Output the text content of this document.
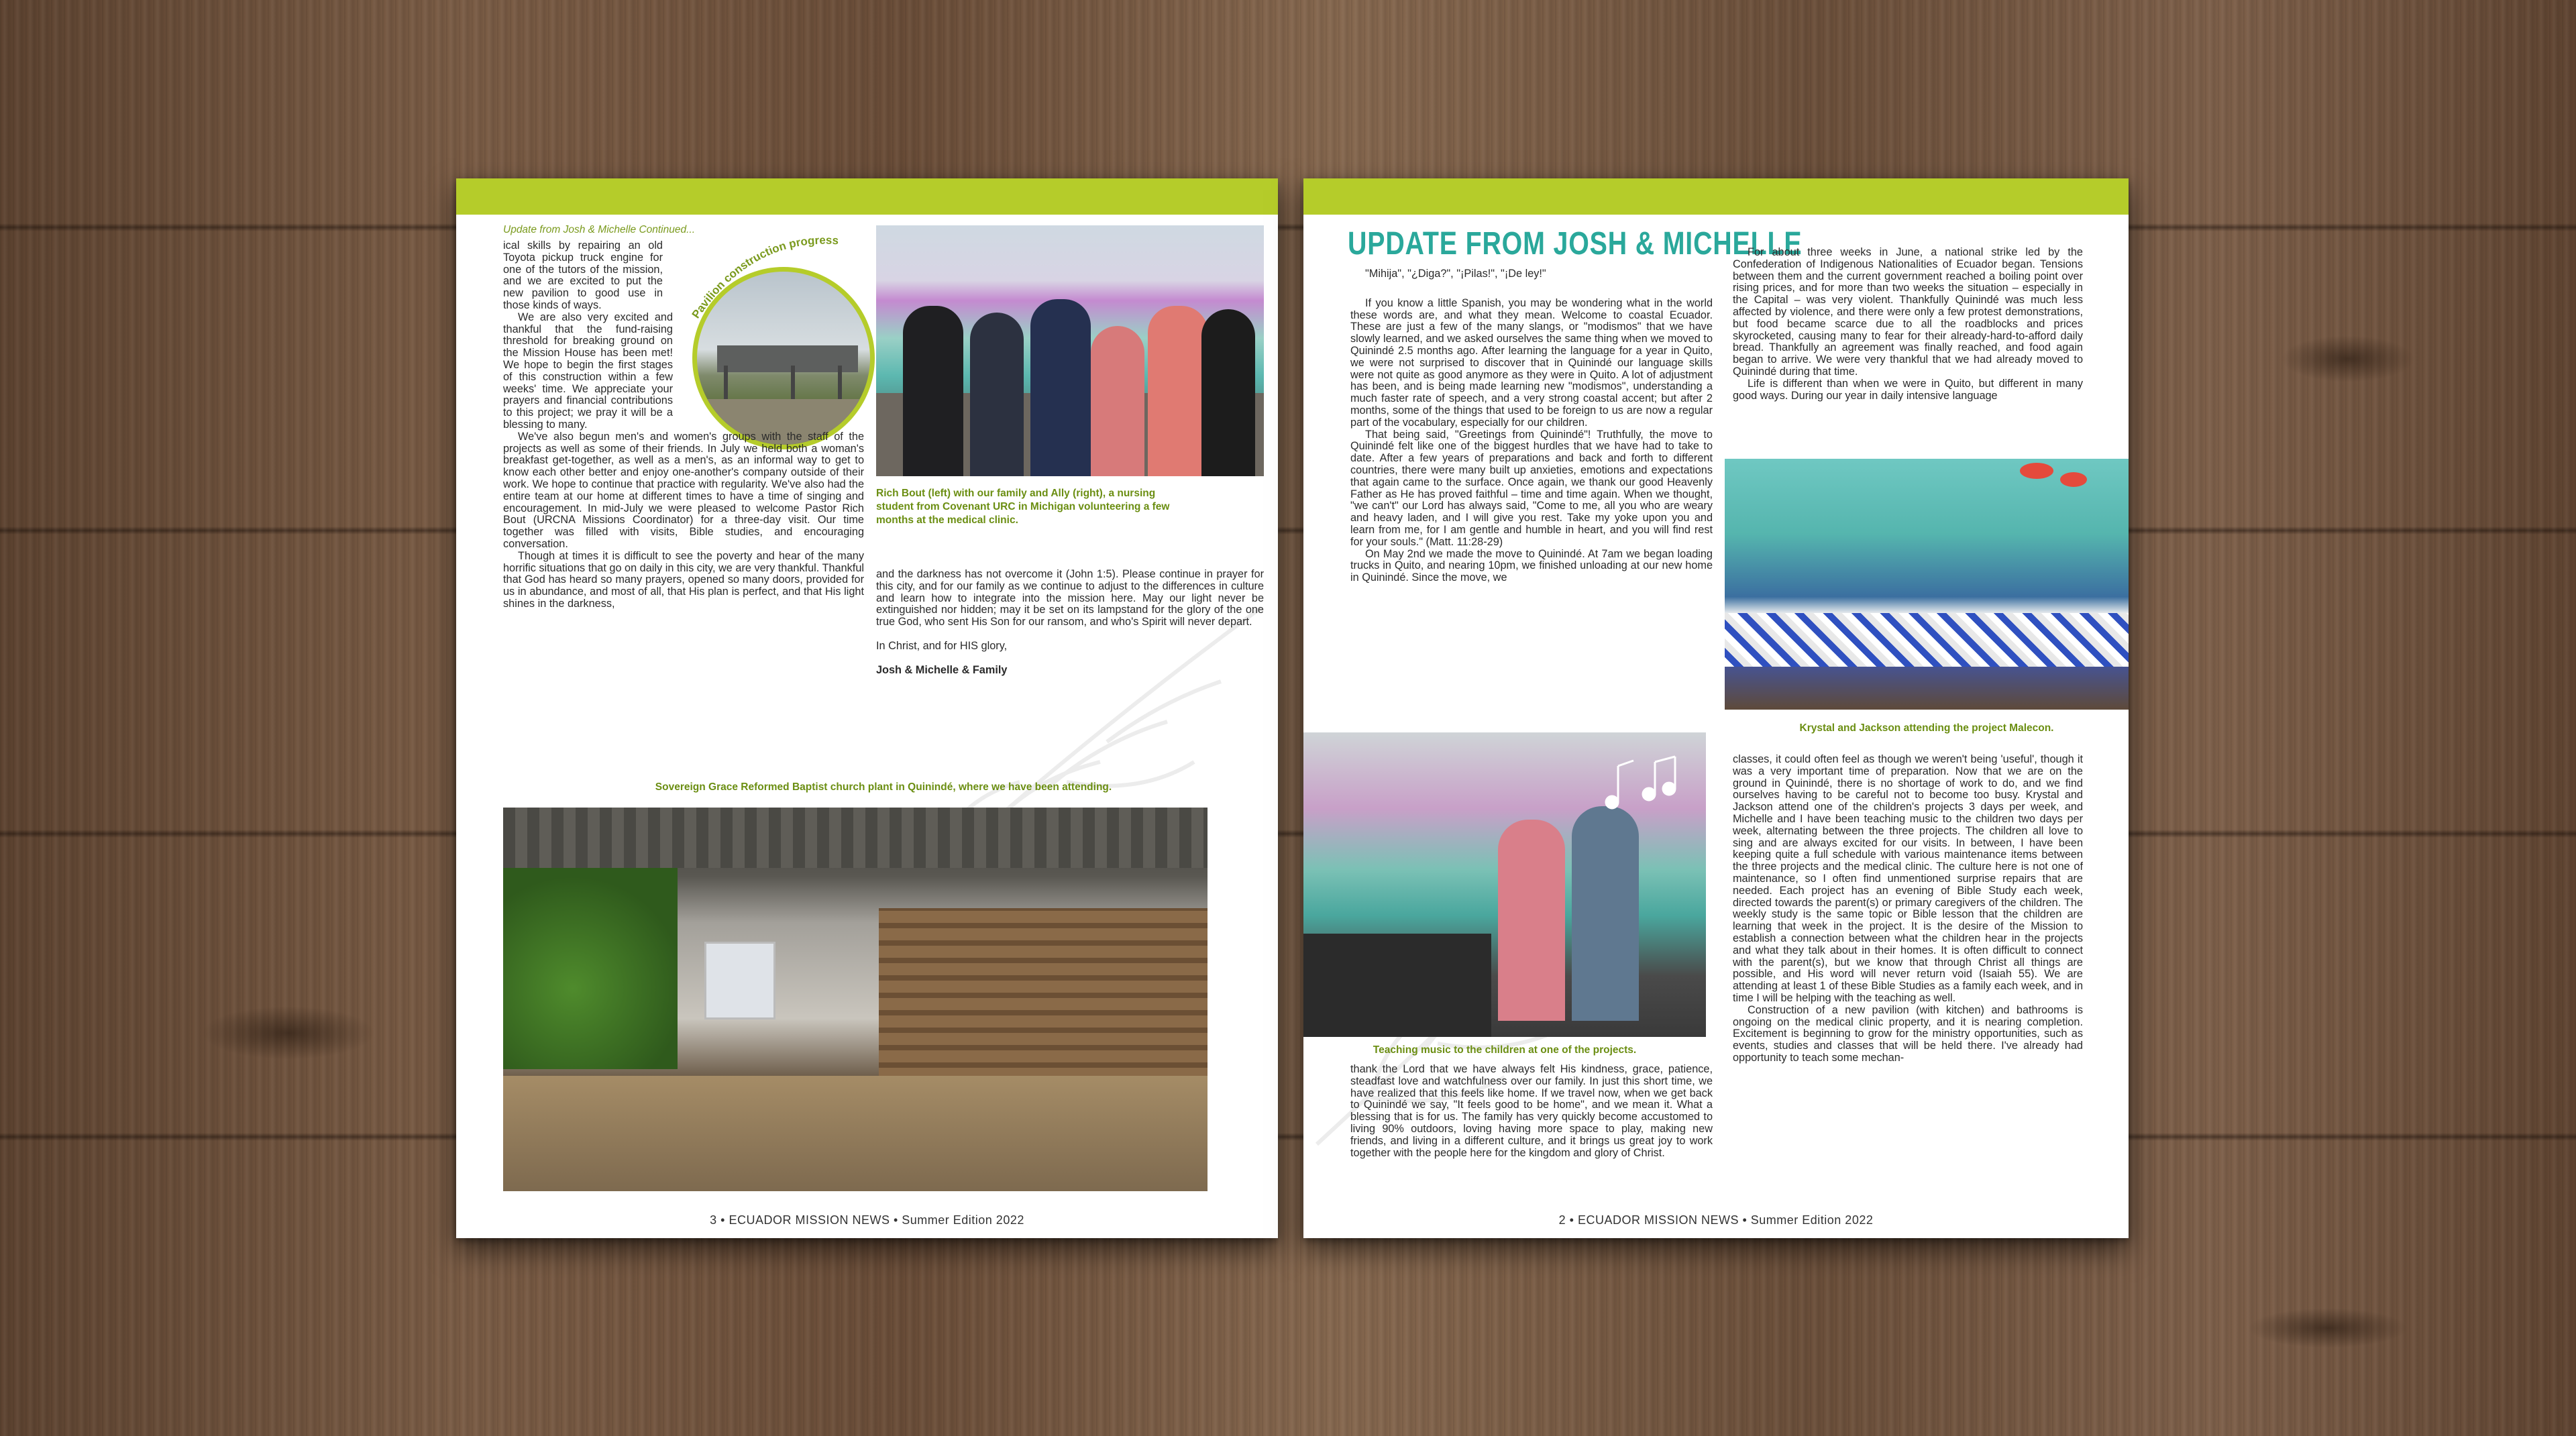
Update from Josh & Michelle Continued...
Pavilion construction progress

ical skills by repairing an old Toyota pickup truck engine for one of the tutors of the mission, and we are excited to put the new pavilion to good use in those kinds of ways.

We are also very excited and thankful that the fund-raising threshold for breaking ground on the Mission House has been met! We hope to begin the first stages of this construction within a few weeks' time. We appreciate your prayers and financial contributions to this project; we pray it will be a blessing to many.

We've also begun men's and women's groups with the staff of the projects as well as some of their friends. In July we held both a woman's breakfast get-together, as well as a men's, as an informal way to get to know each other better and enjoy one-another's company outside of their work. We hope to continue that practice with regularity. We've also had the entire team at our home at different times to have a time of singing and encouragement. In mid-July we were pleased to welcome Pastor Rich Bout (URCNA Missions Coordinator) for a three-day visit. Our time together was filled with visits, Bible studies, and encouraging conversation.

Though at times it is difficult to see the poverty and hear of the many horrific situations that go on daily in this city, we are very thankful. Thankful that God has heard so many prayers, opened so many doors, provided for us in abundance, and most of all, that His plan is perfect, and that His light shines in the darkness,

Rich Bout (left) with our family and Ally (right), a nursing student from Covenant URC in Michigan volunteering a few months at the medical clinic.

and the darkness has not overcome it (John 1:5). Please continue in prayer for this city, and for our family as we continue to adjust to the differences in culture and learn how to integrate into the mission here. May our light never be extinguished nor hidden; may it be set on its lampstand for the glory of the one true God, who sent His Son for our ransom, and who's Spirit will never depart.

In Christ, and for HIS glory,

Josh & Michelle & Family

Sovereign Grace Reformed Baptist church plant in Quinindé, where we have been attending.
3 • ECUADOR MISSION NEWS • Summer Edition 2022
UPDATE FROM JOSH & MICHELLE

"Mihija", "¿Diga?", "¡Pilas!", "¡De ley!"

If you know a little Spanish, you may be wondering what in the world these words are, and what they mean. Welcome to coastal Ecuador. These are just a few of the many slangs, or "modismos" that we have slowly learned, and we asked ourselves the same thing when we moved to Quinindé 2.5 months ago. After learning the language for a year in Quito, we were not surprised to discover that in Quinindé our language skills were not quite as good anymore as they were in Quito. A lot of adjustment has been, and is being made learning new "modismos", understanding a much faster rate of speech, and a very strong coastal accent; but after 2 months, some of the things that used to be foreign to us are now a regular part of the vocabulary, especially for our children.

That being said, "Greetings from Quinindé"! Truthfully, the move to Quinindé felt like one of the biggest hurdles that we have had to take to date. After a few years of preparations and back and forth to different countries, there were many built up anxieties, emotions and expectations that again came to the surface. Once again, we thank our good Heavenly Father as He has proved faithful – time and time again. When we thought, "we can't" our Lord has always said, "Come to me, all you who are weary and heavy laden, and I will give you rest. Take my yoke upon you and learn from me, for I am gentle and humble in heart, and you will find rest for your souls." (Matt. 11:28-29)

On May 2nd we made the move to Quinindé. At 7am we began loading trucks in Quito, and nearing 10pm, we finished unloading at our new home in Quinindé. Since the move, we

Teaching music to the children at one of the projects.

thank the Lord that we have always felt His kindness, grace, patience, steadfast love and watchfulness over our family. In just this short time, we have realized that this feels like home. If we travel now, when we get back to Quinindé we say, "It feels good to be home", and we mean it. What a blessing that is for us. The family has very quickly become accustomed to living 90% outdoors, loving having more space to play, making new friends, and living in a different culture, and it brings us great joy to work together with the people here for the kingdom and glory of Christ.

For about three weeks in June, a national strike led by the Confederation of Indigenous Nationalities of Ecuador began. Tensions between them and the current government reached a boiling point over rising prices, and for more than two weeks the situation – especially in the Capital – was very violent. Thankfully Quinindé was much less affected by violence, and there were only a few protest demonstrations, but food became scarce due to all the roadblocks and prices skyrocketed, causing many to fear for their already-hard-to-afford daily bread. Thankfully an agreement was finally reached, and food again began to arrive. We were very thankful that we had already moved to Quinindé during that time.

Life is different than when we were in Quito, but different in many good ways. During our year in daily intensive language

Krystal and Jackson attending the project Malecon.

classes, it could often feel as though we weren't being 'useful', though it was a very important time of preparation. Now that we are on the ground in Quinindé, there is no shortage of work to do, and we find ourselves having to be careful not to become too busy. Krystal and Jackson attend one of the children's projects 3 days per week, and Michelle and I have been teaching music to the children two days per week, alternating between the three projects. The children all love to sing and are always excited for our visits. In between, I have been keeping quite a full schedule with various maintenance items between the three projects and the medical clinic. The culture here is not one of maintenance, so I often find unmentioned surprise repairs that are needed. Each project has an evening of Bible Study each week, directed towards the parent(s) or primary caregivers of the children. The weekly study is the same topic or Bible lesson that the children are learning that week in the project. It is the desire of the Mission to establish a connection between what the children hear in the projects and what they talk about in their homes. It is often difficult to connect with the parent(s), but we know that through Christ all things are possible, and His word will never return void (Isaiah 55). We are attending at least 1 of these Bible Studies as a family each week, and in time I will be helping with the teaching as well.

Construction of a new pavilion (with kitchen) and bathrooms is ongoing on the medical clinic property, and it is nearing completion. Excitement is beginning to grow for the ministry opportunities, such as events, studies and classes that will be held there. I've already had opportunity to teach some mechan-

2 • ECUADOR MISSION NEWS • Summer Edition 2022
